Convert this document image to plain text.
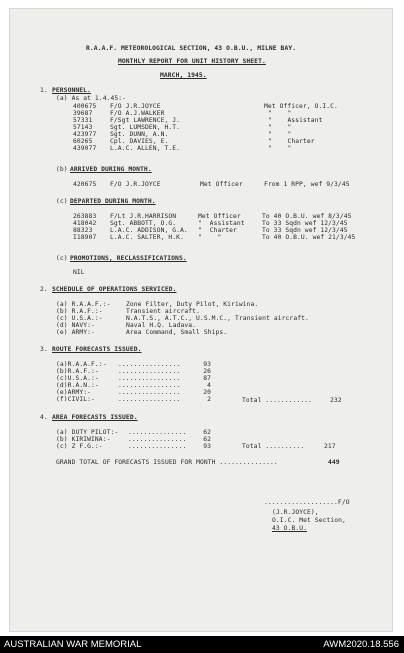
R.A.A.F. METEOROLOGICAL SECTION, 43 O.B.U., MILNE BAY.
MONTHLY REPORT FOR UNIT HISTORY SHEET.
MARCH, 1945.
1. PERSONNEL.
(a) As at 1.4.45:-
400675 F/O J.R.JOYCE	Met Officer, O.I.C.
39687	F/O A.J.WALKER	"    "
57331	F/Sgt LAWRENCE, J.	"    Assistant
57143	Sgt. LUMSDEN, H.T.	"    "
423977 Sgt. DUNN, A.N.	"    "
60265	Cpl. DAVIES, E.	"    Charter
439077 L.A.C. ALLEN, T.E.	"    "
(b) ARRIVED DURING MONTH.
420675 F/O J.R.JOYCE	Met Officer	From 1 RPP, wef 9/3/45
(c) DEPARTED DURING MONTH.
263883 F/Lt J.R.HARRISON	Met Officer	To 40 O.B.U. wef 8/3/45
418042 Sgt. ABBOTT, O.G.	"  Assistant	To 33 Sqdn wef 12/3/45
88323	L.A.C. ADDISON, G.A. "  Charter	To 33 Sqdn wef 12/3/45
I18907 L.A.C. SALTER, H.K. "    "	To 40 O.B.U. wef 21/3/45
(c) PROMOTIONS, RECLASSIFICATIONS.
NIL
2. SCHEDULE OF OPERATIONS SERVICED.
(a) R.A.A.F.:- Zone Filter, Duty Pilot, Kiriwina.
(b) R.A.F.:-	Transient aircraft.
(c) U.S.A.:-	N.A.T.S., A.T.C., U.S.M.C., Transient aircraft.
(d) NAVY:-	Naval H.Q. Ladava.
(e) ARMY:-	Area Command, Small Ships.
3. ROUTE FORECASTS ISSUED.
(a)R.A.A.F.:- ................	93
(b)R.A.F.:-	................	26
(c)U.S.A.:-	................	87
(d)R.A.N.:-	................	4
(e)ARMY:-	................	20
(f)CIVIL:-	................	2	Total ............	232
4. AREA FORECASTS ISSUED.
(a) DUTY PILOT:- ...............	62
(b) KIRIWINA:-	...............	62
(c) Z F.G.:-	...............	93	Total ..........	217
GRAND TOTAL OF FORECASTS ISSUED FOR MONTH ...............	449
...................F/O
(J.R.JOYCE),
O.I.C. Met Section,
43 O.B.U.
AUSTRALIAN WAR MEMORIAL	AWM2020.18.556
